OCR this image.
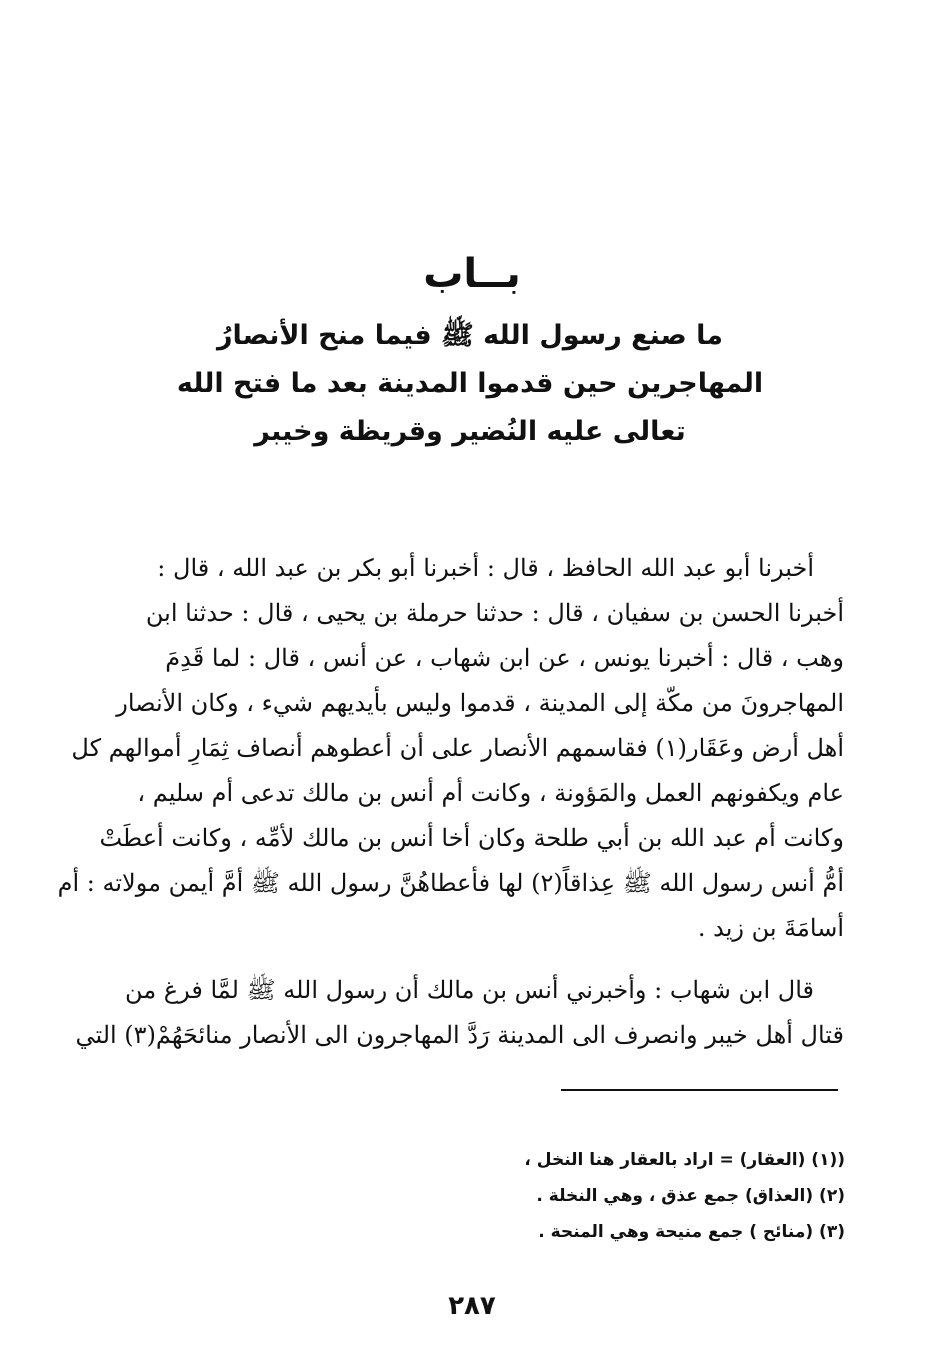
بــاب
ما صنع رسول الله ﷺ فيما منح الأنصارُ
المهاجرين حين قدموا المدينة بعد ما فتح الله
تعالى عليه النُضير وقريظة وخيبر
أخبرنا أبو عبد الله الحافظ ، قال : أخبرنا أبو بكر بن عبد الله ، قال :
أخبرنا الحسن بن سفيان ، قال : حدثنا حرملة بن يحيى ، قال : حدثنا ابن
وهب ، قال : أخبرنا يونس ، عن ابن شهاب ، عن أنس ، قال : لما قَدِمَ
المهاجرونَ من مكّة إلى المدينة ، قدموا وليس بأيديهم شيء ، وكان الأنصار
أهل أرض وعَقَار(١) فقاسمهم الأنصار على أن أعطوهم أنصاف ثِمَارِ أموالهم كل
عام ويكفونهم العمل والمَؤونة ، وكانت أم أنس بن مالك تدعى أم سليم ،
وكانت أم عبد الله بن أبي طلحة وكان أخا أنس بن مالك لأمِّه ، وكانت أعطَتْ
أمُّ أنس رسول الله ﷺ عِذاقاً(٢) لها فأعطاهُنَّ رسول الله ﷺ أمَّ أيمن مولاته : أم
أسامَةَ بن زيد .
قال ابن شهاب : وأخبرني أنس بن مالك أن رسول الله ﷺ لمَّا فرغ من
قتال أهل خيبر وانصرف الى المدينة رَدَّ المهاجرون الى الأنصار منائحَهُمْ(٣) التي
((١) (العقار) = اراد بالعقار هنا النخل ،
(٢) (العذاق) جمع عذق ، وهي النخلة .
(٣) (منائح ) جمع منيحة وهي المنحة .
٢٨٧
